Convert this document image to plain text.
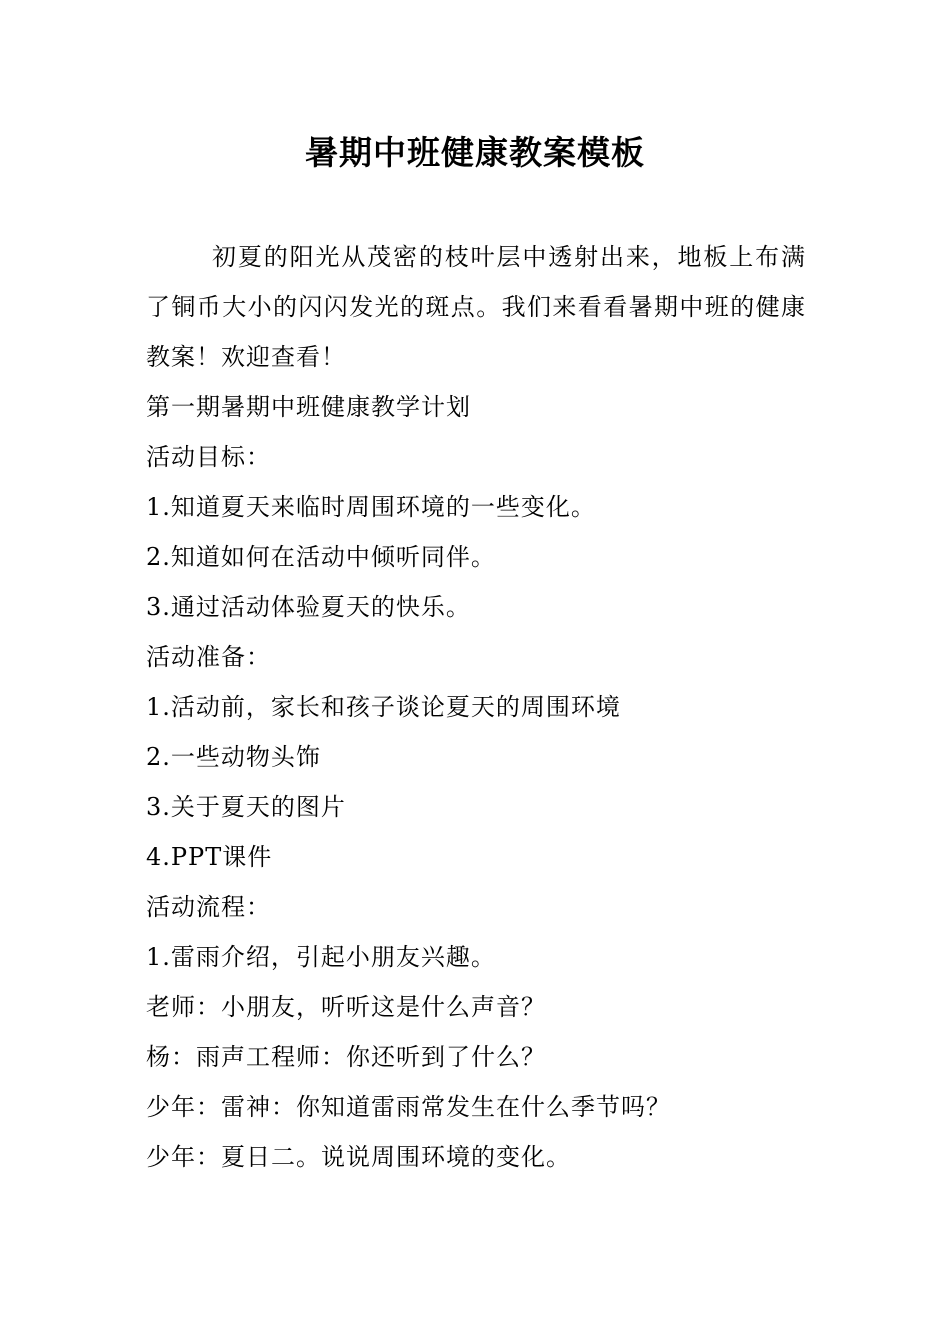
暑期中班健康教案模板

初夏的阳光从茂密的枝叶层中透射出来，地板上布满了铜币大小的闪闪发光的斑点。我们来看看暑期中班的健康教案！欢迎查看！

第一期暑期中班健康教学计划

活动目标：

1.知道夏天来临时周围环境的一些变化。

2.知道如何在活动中倾听同伴。

3.通过活动体验夏天的快乐。

活动准备：

1.活动前，家长和孩子谈论夏天的周围环境

2.一些动物头饰

3.关于夏天的图片

4.PPT课件

活动流程：

1.雷雨介绍，引起小朋友兴趣。

老师：小朋友，听听这是什么声音？

杨：雨声工程师：你还听到了什么？

少年：雷神：你知道雷雨常发生在什么季节吗？

少年：夏日二。说说周围环境的变化。
